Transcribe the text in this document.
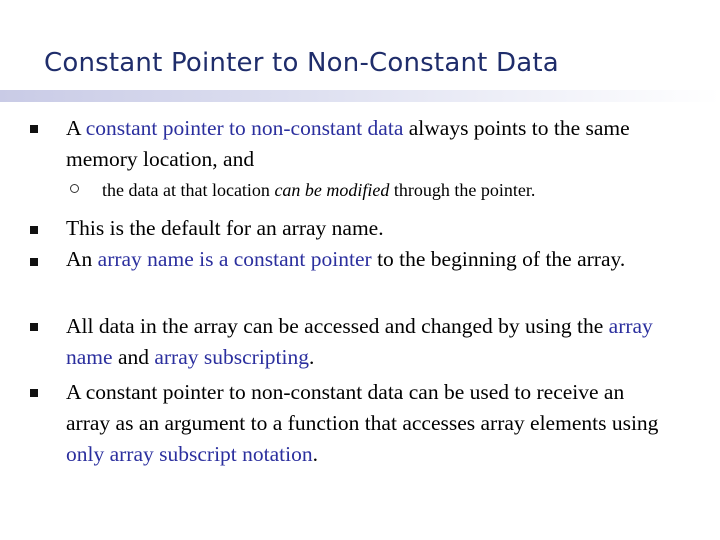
Constant Pointer to Non-Constant Data
A constant pointer to non-constant data always points to the same memory location, and
the data at that location can be modified through the pointer.
This is the default for an array name.
An array name is a constant pointer to the beginning of the array.
All data in the array can be accessed and changed by using the array name and array subscripting.
A constant pointer to non-constant data can be used to receive an array as an argument to a function that accesses array elements using only array subscript notation.
